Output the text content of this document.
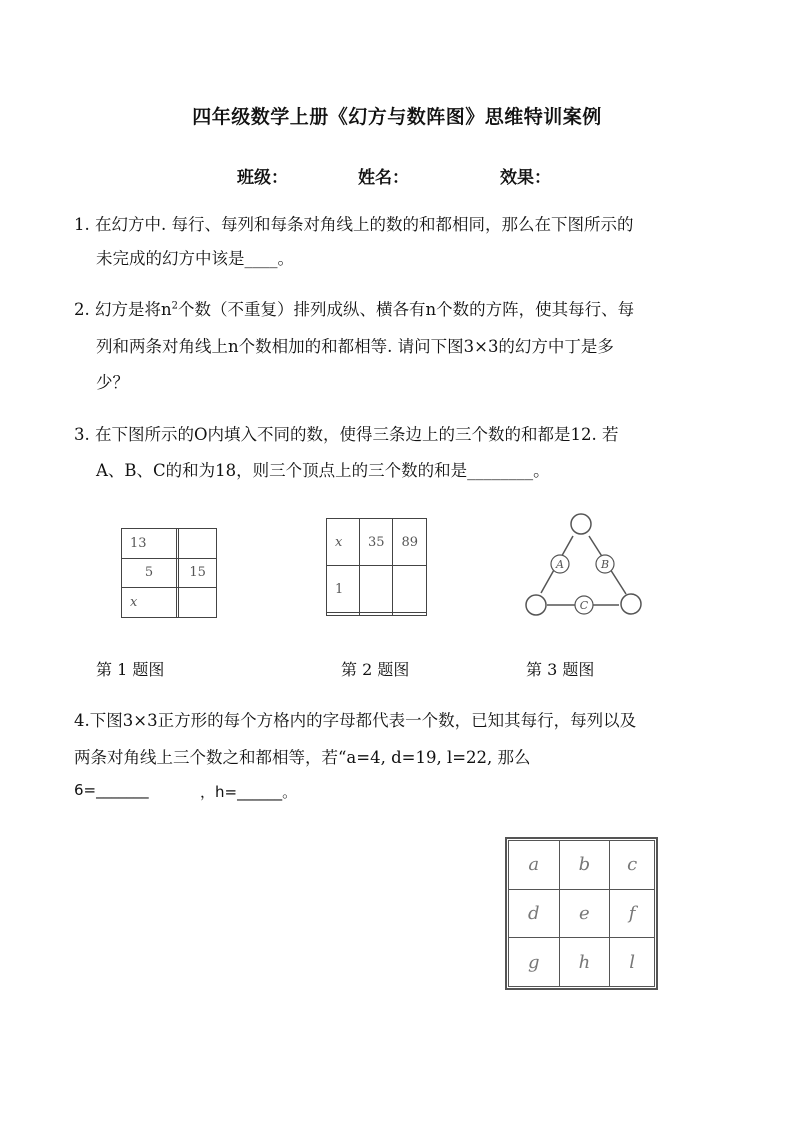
四年级数学上册《幻方与数阵图》思维特训案例
班级：	姓名：	效果：
1. 在幻方中. 每行、每列和每条对角线上的数的和都相同，那么在下图所示的
未完成的幻方中该是____。
2. 幻方是将$n^2$个数（不重复）排列成纵、横各有n个数的方阵，使其每行、每
列和两条对角线上n个数相加的和都相等. 请问下图3×3的幻方中丁是多
少？
3. 在下图所示的O内填入不同的数，使得三条边上的三个数的和都是12. 若
A、B、C的和为18，则三个顶点上的三个数的和是________。
13		
5		15
x		
x	35	89
1		

A	B
C
第 1 题图	第 2 题图	第 3 题图
4.下图3×3正方形的每个方格内的字母都代表一个数，已知其每行，每列以及
两条对角线上三个数之和都相等，若“a=4, d=19, l=22, 那么
6=_______	，h=______。
a	b	c
d	e	f
g	h	l
